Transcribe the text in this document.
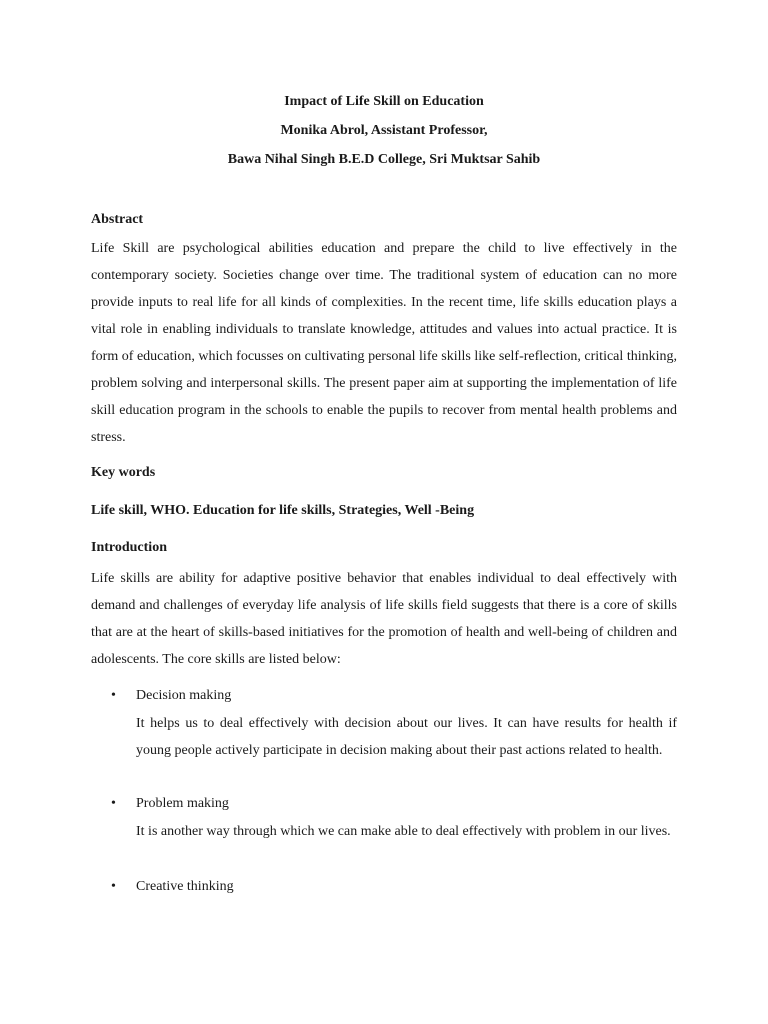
Impact of Life Skill on Education
Monika Abrol, Assistant Professor,
Bawa Nihal Singh B.E.D College, Sri Muktsar Sahib
Abstract
Life Skill are psychological abilities education and prepare the child to live effectively in the contemporary society. Societies change over time. The traditional system of education can no more provide inputs to real life for all kinds of complexities. In the recent time, life skills education plays a vital role in enabling individuals to translate knowledge, attitudes and values into actual practice. It is form of education, which focusses on cultivating personal life skills like self-reflection, critical thinking, problem solving and interpersonal skills. The present paper aim at supporting the implementation of life skill education program in the schools to enable the pupils to recover from mental health problems and stress.
Key words
Life skill, WHO. Education for life skills, Strategies, Well -Being
Introduction
Life skills are ability for adaptive positive behavior that enables individual to deal effectively with demand and challenges of everyday life analysis of life skills field suggests that there is a core of skills that are at the heart of skills-based initiatives for the promotion of health and well-being of children and adolescents. The core skills are listed below:
• Decision making
It helps us to deal effectively with decision about our lives. It can have results for health if young people actively participate in decision making about their past actions related to health.
• Problem making
It is another way through which we can make able to deal effectively with problem in our lives.
• Creative thinking
